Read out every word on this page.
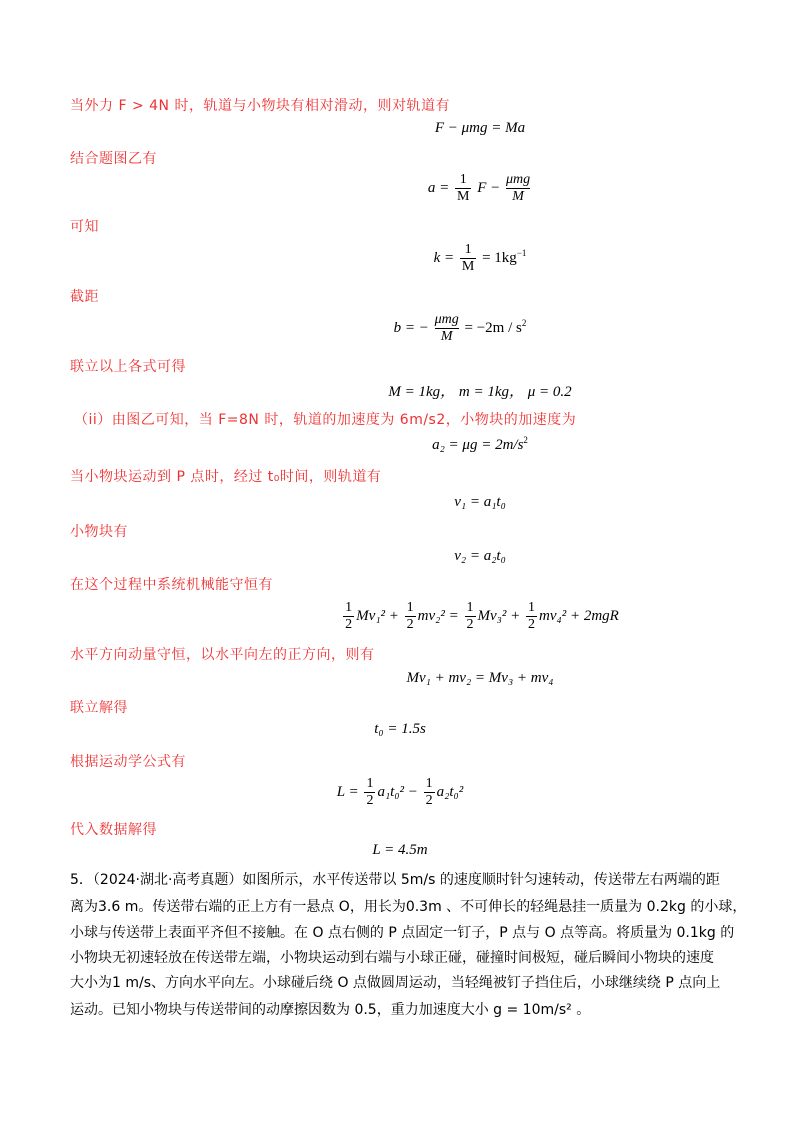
当外力 F > 4N 时，轨道与小物块有相对滑动，则对轨道有
F − μmg = Ma
结合题图乙有
$a = \frac{1}{M}$ $F - \frac{\text{μmg}}{M}$
可知
$k = \frac{1}{M} = 1kg^{-1}$
截距
b = − $\frac{\text{μmg}}{M} = -2m / s^2$
联立以上各式可得
M = 1kg， m = 1kg， μ = 0.2
（ii）由图乙可知，当 F=8N 时，轨道的加速度为 6m/s2，小物块的加速度为
$a_2 = \mu g = 2m/s^2$
当小物块运动到 P 点时，经过 t₀时间，则轨道有
v₁ = a₁t₀
小物块有
v₂ = a₂t₀
在这个过程中系统机械能守恒有
$\frac{1}{2} Mv_1^2 + \frac{1}{2} mv_2^2 = \frac{1}{2} Mv_3^2 + \frac{1}{2} mv_4^2 + 2mgR$
水平方向动量守恒，以水平向左的正方向，则有
Mv₁ + mv₂ = Mv₃ + mv₄
联立解得
t₀ = 1.5s
根据运动学公式有
$L = \frac{1}{2} a_1t_0^2 - \frac{1}{2} a_2t_0^2$
代入数据解得
L = 4.5m
5．（2024·湖北·高考真题）如图所示，水平传送带以 5m/s 的速度顺时针匀速转动，传送带左右两端的距
离为3.6 m。传送带右端的正上方有一悬点 O，用长为0.3m 、不可伸长的轻绳悬挂一质量为 0.2kg 的小球，
小球与传送带上表面平齐但不接触。在 O 点右侧的 P 点固定一钉子，P 点与 O 点等高。将质量为 0.1kg 的
小物块无初速轻放在传送带左端，小物块运动到右端与小球正碰，碰撞时间极短，碰后瞬间小物块的速度
大小为1 m/s、方向水平向左。小球碰后绕 O 点做圆周运动，当轻绳被钉子挡住后，小球继续绕 P 点向上
运动。已知小物块与传送带间的动摩擦因数为 0.5，重力加速度大小 g = 10m/s² 。
